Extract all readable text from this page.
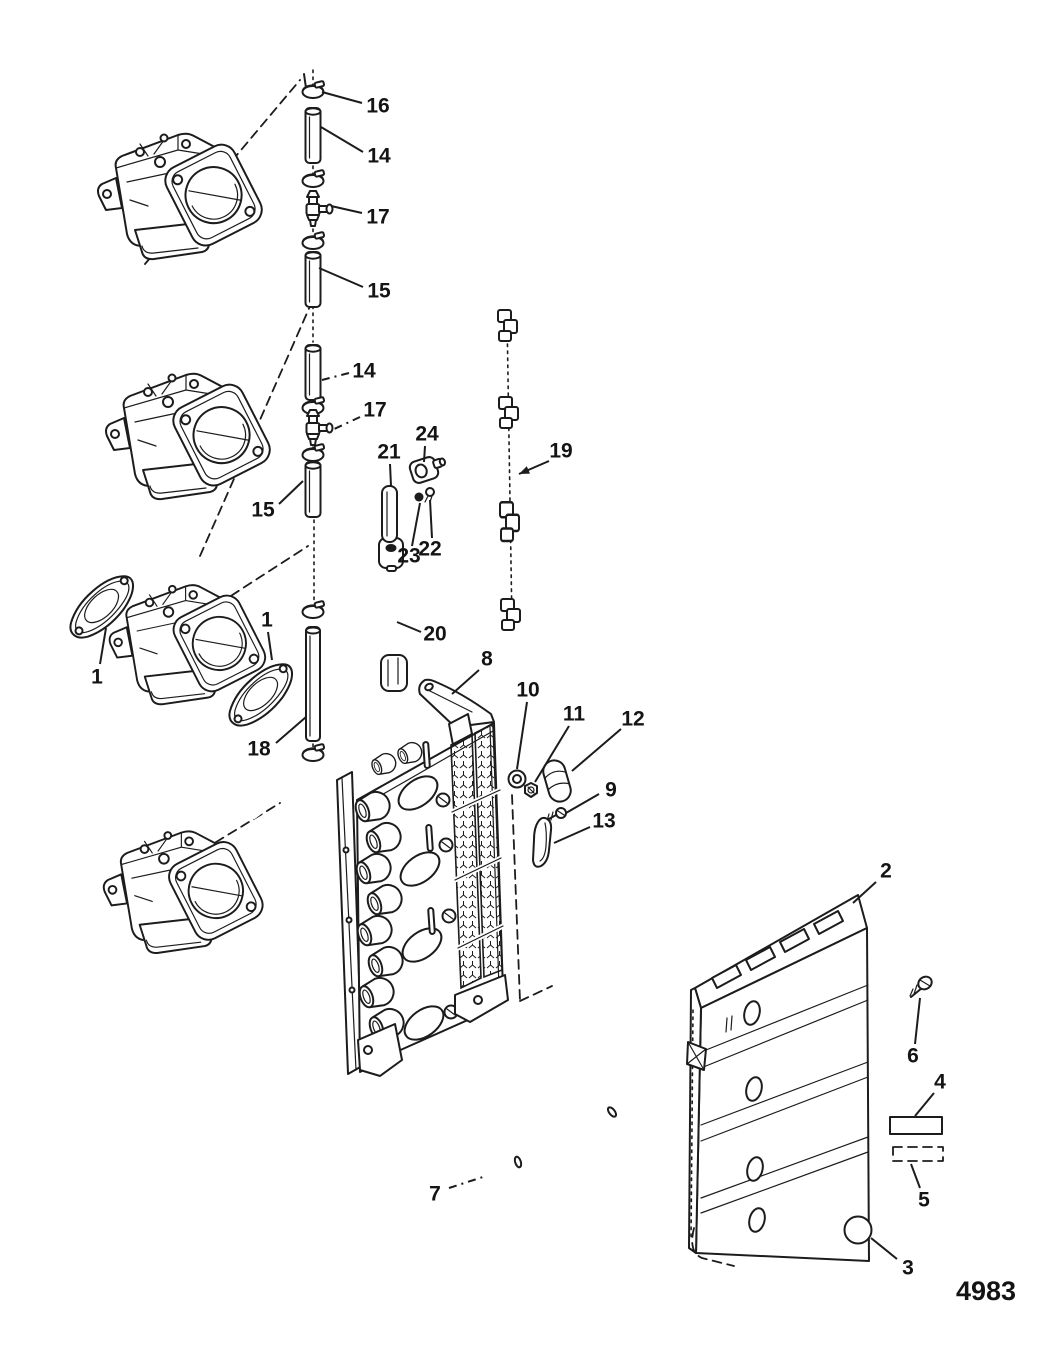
16
14
17
15
14
17
15
1
1
18
21
24
23
22
20
19
8
10
11 12
9
13
2
6
4
5
3
7
4983
